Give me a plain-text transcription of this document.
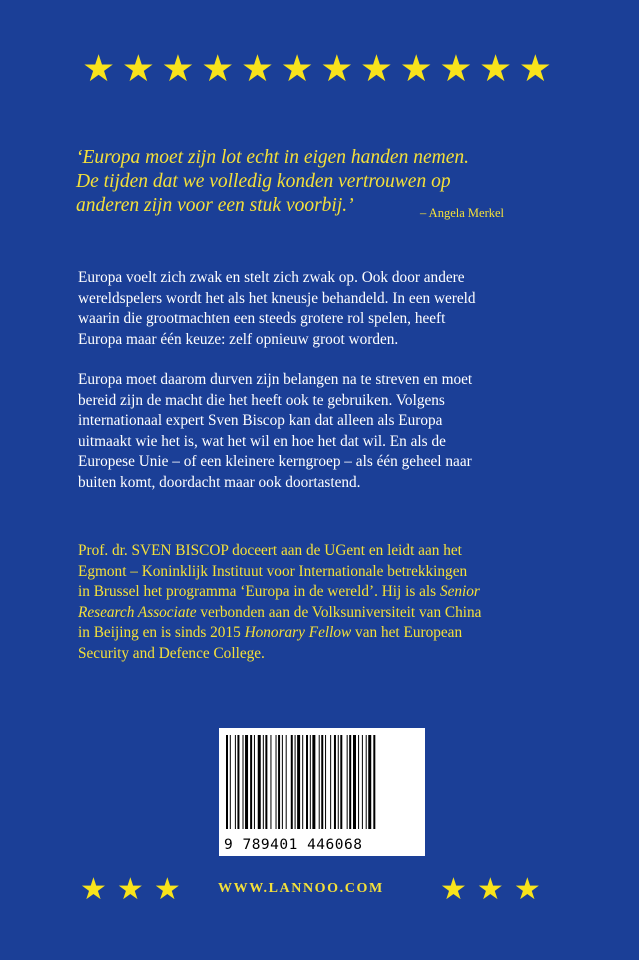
★ ★ ★ ★ ★ ★ ★ ★ ★ ★ ★ ★
‘Europa moet zijn lot echt in eigen handen nemen.
De tijden dat we volledig konden vertrouwen op
anderen zijn voor een stuk voorbij.’	– Angela Merkel
Europa voelt zich zwak en stelt zich zwak op. Ook door andere
wereldspelers wordt het als het kneusje behandeld. In een wereld
waarin die grootmachten een steeds grotere rol spelen, heeft
Europa maar één keuze: zelf opnieuw groot worden.
Europa moet daarom durven zijn belangen na te streven en moet
bereid zijn de macht die het heeft ook te gebruiken. Volgens
internationaal expert Sven Biscop kan dat alleen als Europa
uitmaakt wie het is, wat het wil en hoe het dat wil. En als de
Europese Unie – of een kleinere kerngroep – als één geheel naar
buiten komt, doordacht maar ook doortastend.
Prof. dr. SVEN BISCOP doceert aan de UGent en leidt aan het
Egmont – Koninklijk Instituut voor Internationale betrekkingen
in Brussel het programma ‘Europa in de wereld’. Hij is als Senior
Research Associate verbonden aan de Volksuniversiteit van China
in Beijing en is sinds 2015 Honorary Fellow van het European
Security and Defence College.
9 789401 446068
★ ★ ★	WWW.LANNOO.COM ★ ★ ★
